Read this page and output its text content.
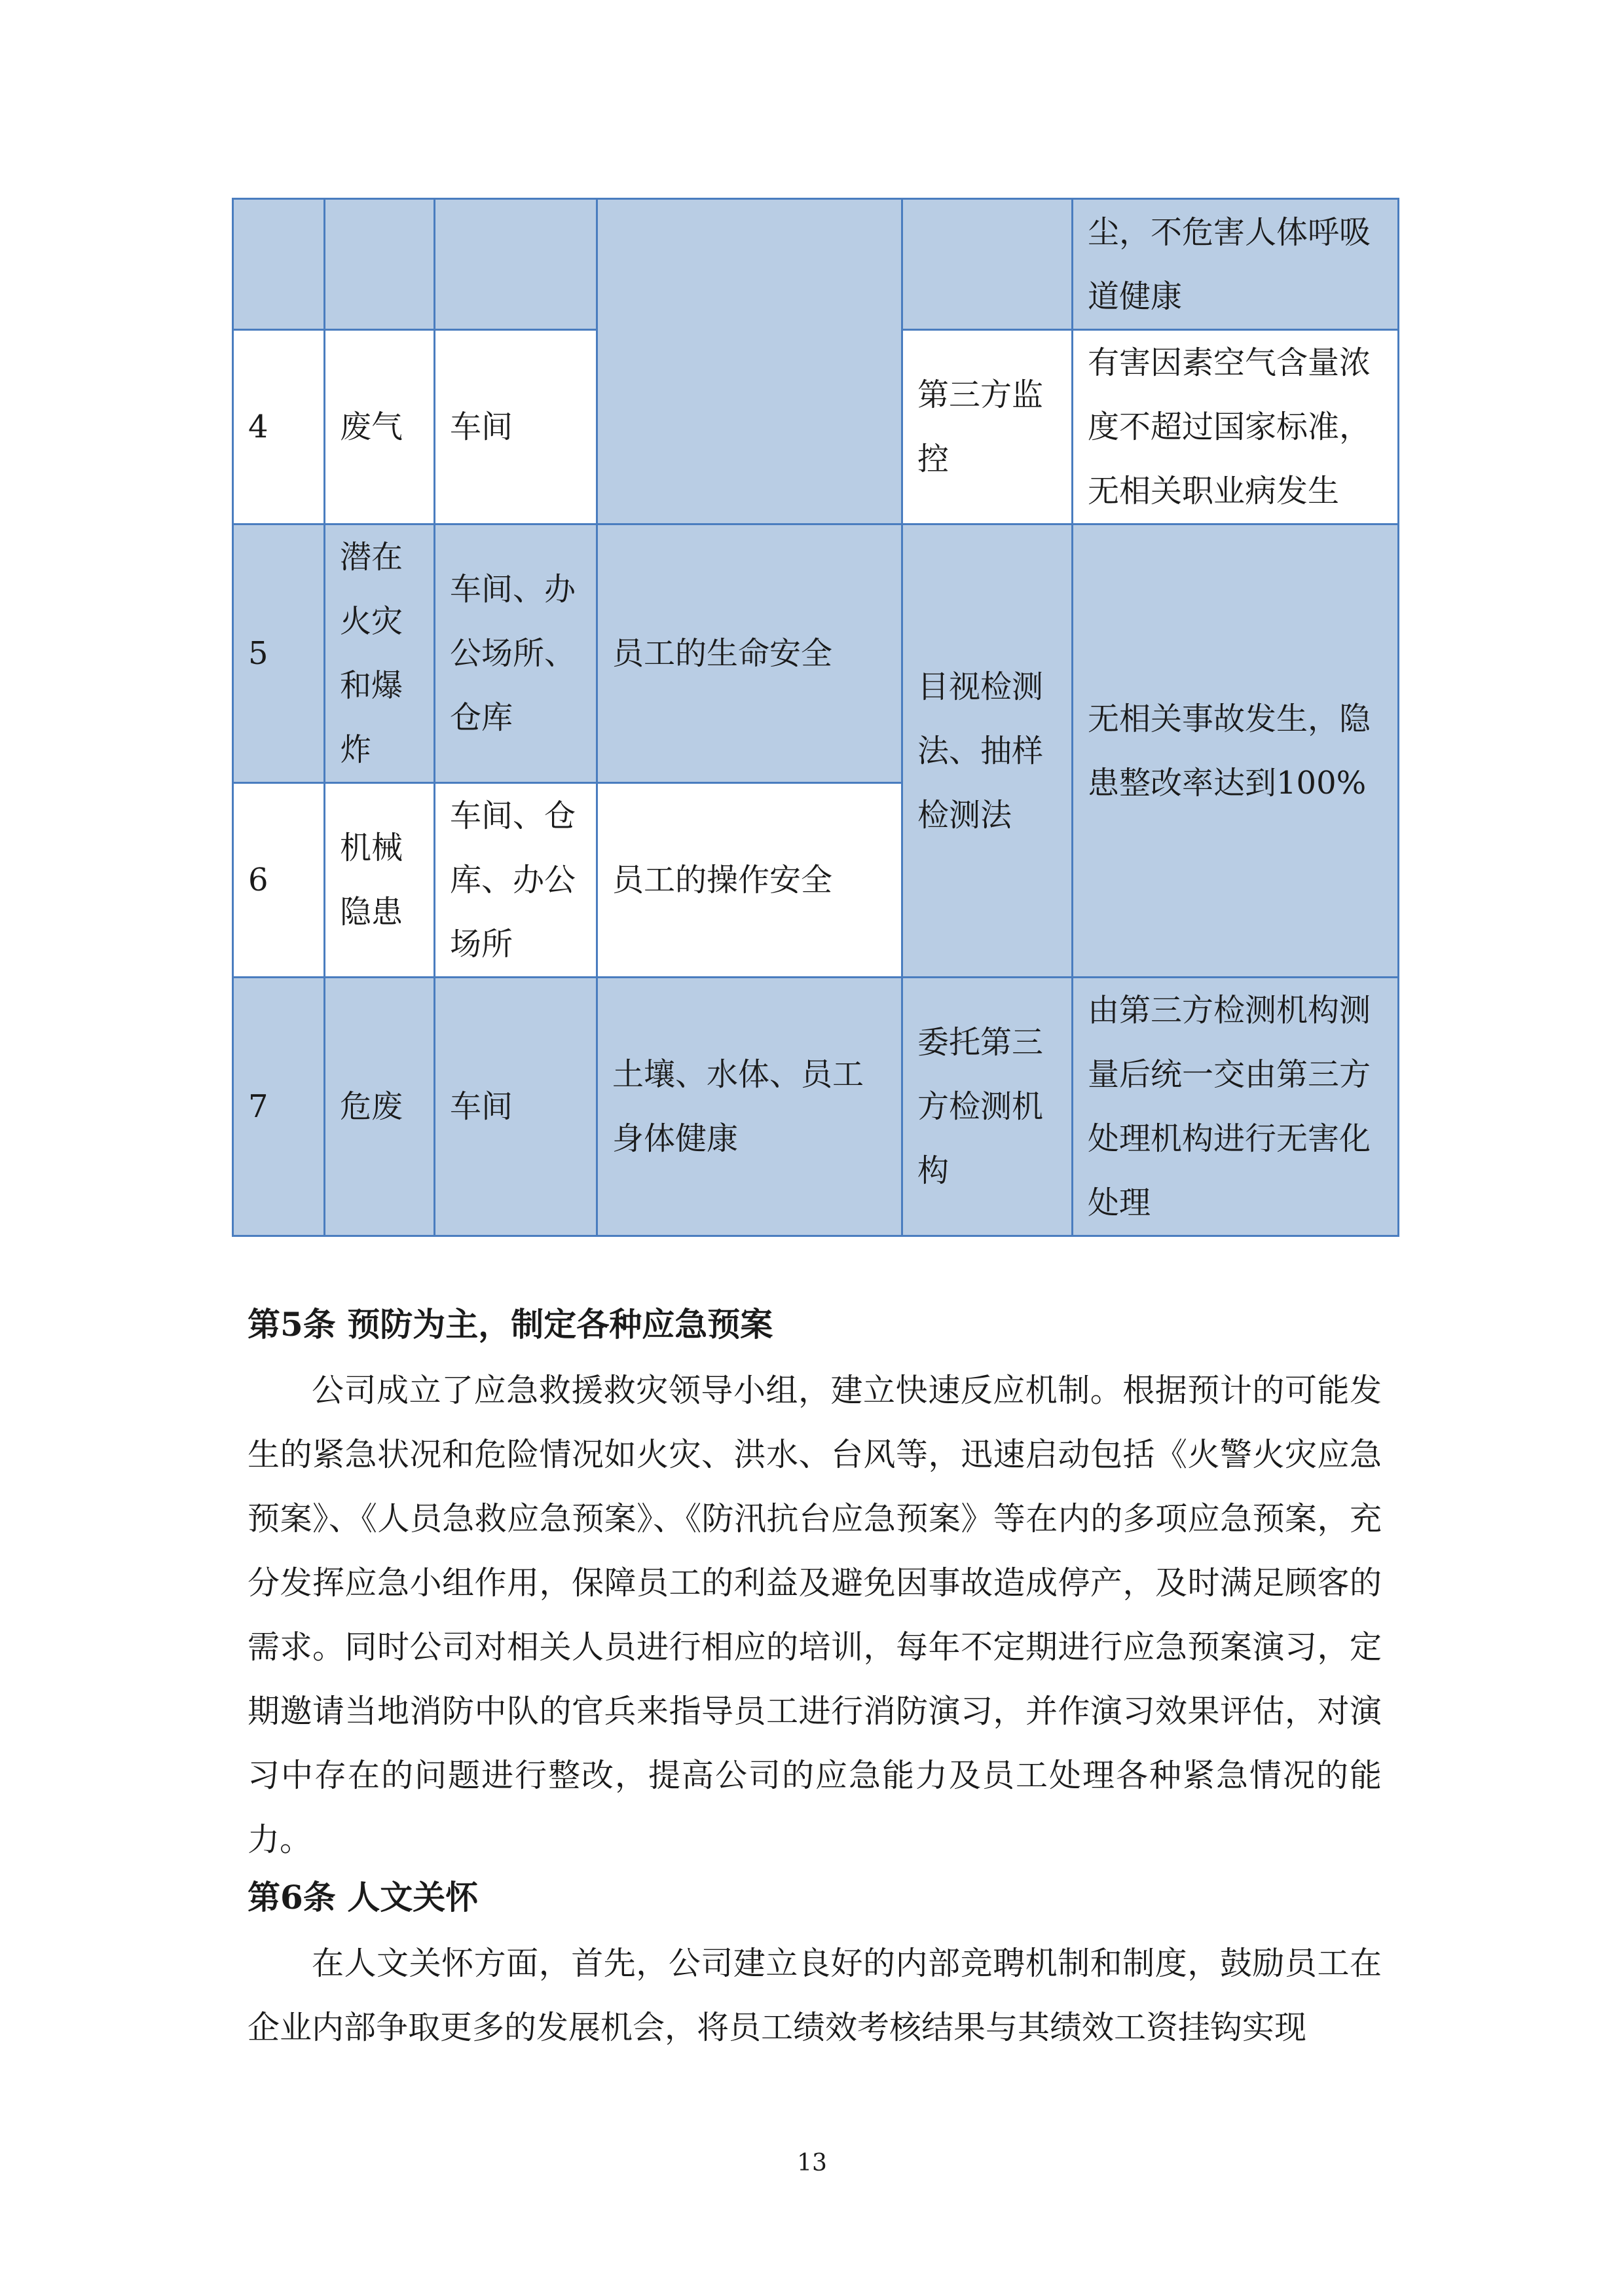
					尘，不危害人体呼吸道健康
4	废气	车间		第三方监控	有害因素空气含量浓度不超过国家标准，无相关职业病发生
5	潜在火灾和爆炸	车间、办公场所、仓库	员工的生命安全	目视检测法、抽样检测法	无相关事故发生，隐患整改率达到100%
6	机械隐患	车间、仓库、办公场所	员工的操作安全		
7	危废	车间	土壤、水体、员工身体健康	委托第三方检测机构	由第三方检测机构测量后统一交由第三方处理机构进行无害化处理
第5条 预防为主，制定各种应急预案

公司成立了应急救援救灾领导小组，建立快速反应机制。根据预计的可能发生的紧急状况和危险情况如火灾、洪水、台风等，迅速启动包括《火警火灾应急预案》、《人员急救应急预案》、《防汛抗台应急预案》等在内的多项应急预案，充分发挥应急小组作用，保障员工的利益及避免因事故造成停产，及时满足顾客的需求。同时公司对相关人员进行相应的培训，每年不定期进行应急预案演习，定期邀请当地消防中队的官兵来指导员工进行消防演习，并作演习效果评估，对演习中存在的问题进行整改，提高公司的应急能力及员工处理各种紧急情况的能力。

第6条 人文关怀

在人文关怀方面，首先，公司建立良好的内部竞聘机制和制度，鼓励员工在企业内部争取更多的发展机会，将员工绩效考核结果与其绩效工资挂钩实现

13
